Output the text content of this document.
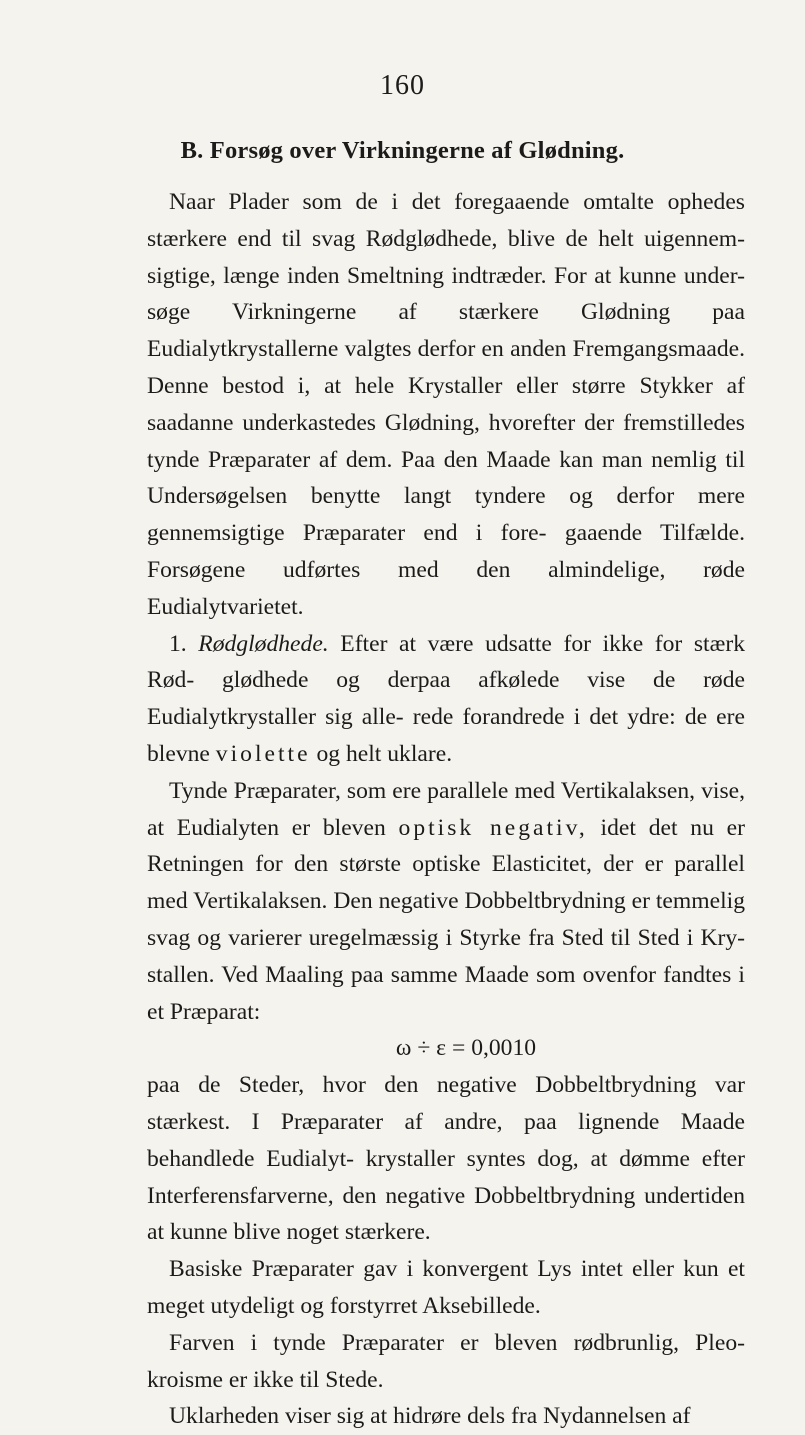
160
B. Forsøg over Virkningerne af Glødning.

Naar Plader som de i det foregaaende omtalte ophedes stærkere end til svag Rødglødhede, blive de helt uigennem- sigtige, længe inden Smeltning indtræder. For at kunne under- søge Virkningerne af stærkere Glødning paa Eudialytkrystallerne valgtes derfor en anden Fremgangsmaade. Denne bestod i, at hele Krystaller eller større Stykker af saadanne underkastedes Glødning, hvorefter der fremstilledes tynde Præparater af dem. Paa den Maade kan man nemlig til Undersøgelsen benytte langt tyndere og derfor mere gennemsigtige Præparater end i fore- gaaende Tilfælde. Forsøgene udførtes med den almindelige, røde Eudialytvarietet.

1. Rødglødhede. Efter at være udsatte for ikke for stærk Rød- glødhede og derpaa afkølede vise de røde Eudialytkrystaller sig alle- rede forandrede i det ydre: de ere blevne violette og helt uklare.

Tynde Præparater, som ere parallele med Vertikalaksen, vise, at Eudialyten er bleven optisk negativ, idet det nu er Retningen for den største optiske Elasticitet, der er parallel med Vertikalaksen. Den negative Dobbeltbrydning er temmelig svag og varierer uregelmæssig i Styrke fra Sted til Sted i Kry- stallen. Ved Maaling paa samme Maade som ovenfor fandtes i et Præparat:

ω ÷ ε = 0,0010

paa de Steder, hvor den negative Dobbeltbrydning var stærkest. I Præparater af andre, paa lignende Maade behandlede Eudialyt- krystaller syntes dog, at dømme efter Interferensfarverne, den negative Dobbeltbrydning undertiden at kunne blive noget stærkere.

Basiske Præparater gav i konvergent Lys intet eller kun et meget utydeligt og forstyrret Aksebillede.

Farven i tynde Præparater er bleven rødbrunlig, Pleo- kroisme er ikke til Stede.

Uklarheden viser sig at hidrøre dels fra Nydannelsen af
